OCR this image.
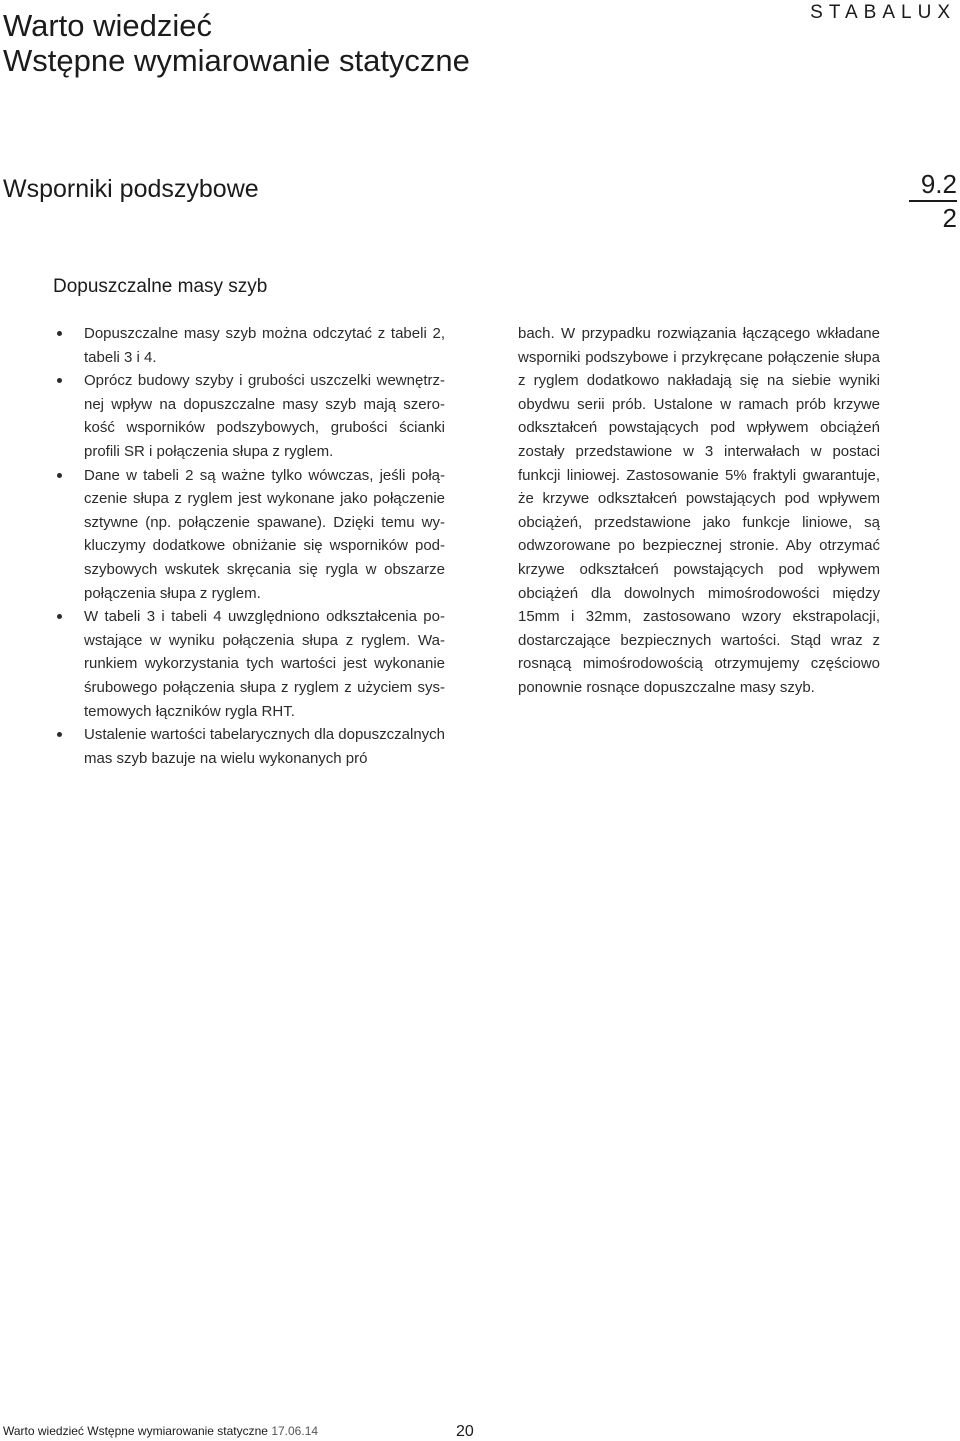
Warto wiedzieć
Wstępne wymiarowanie statyczne
STABALUX
Wsporniki podszybowe	9.2
2
Dopuszczalne masy szyb
Dopuszczalne masy szyb można odczytać z tabeli 2, tabeli 3 i 4.
Oprócz budowy szyby i grubości uszczelki wewnętrznej wpływ na dopuszczalne masy szyb mają szerokość wsporników podszybowych, grubości ścianki profili SR i połączenia słupa z ryglem.
Dane w tabeli 2 są ważne tylko wówczas, jeśli połączenie słupa z ryglem jest wykonane jako połączenie sztywne (np. połączenie spawane). Dzięki temu wykluczymy dodatkowe obniżanie się wsporników podszybowych wskutek skręcania się rygla w obszarze połączenia słupa z ryglem.
W tabeli 3 i tabeli 4 uwzględniono odkształcenia powstające w wyniku połączenia słupa z ryglem. Warunkiem wykorzystania tych wartości jest wykonanie śrubowego połączenia słupa z ryglem z użyciem systemowych łączników rygla RHT.
Ustalenie wartości tabelarycznych dla dopuszczalnych mas szyb bazuje na wielu wykonanych pró
bach. W przypadku rozwiązania łączącego wkładane wsporniki podszybowe i przykręcane połączenie słupa z ryglem dodatkowo nakładają się na siebie wyniki obydwu serii prób. Ustalone w ramach prób krzywe odkształceń powstających pod wpływem obciążeń zostały przedstawione w 3 interwałach w postaci funkcji liniowej. Zastosowanie 5% fraktyli gwarantuje, że krzywe odkształceń powstających pod wpływem obciążeń, przedstawione jako funkcje liniowe, są odwzorowane po bezpiecznej stronie. Aby otrzymać krzywe odkształceń powstających pod wpływem obciążeń dla dowolnych mimośrodowości między 15mm i 32mm, zastosowano wzory ekstrapolacji, dostarczające bezpiecznych wartości. Stąd wraz z rosnącą mimośrodowością otrzymujemy częściowo ponownie rosnące dopuszczalne masy szyb.
Warto wiedzieć Wstępne wymiarowanie statyczne 17.06.14	20
